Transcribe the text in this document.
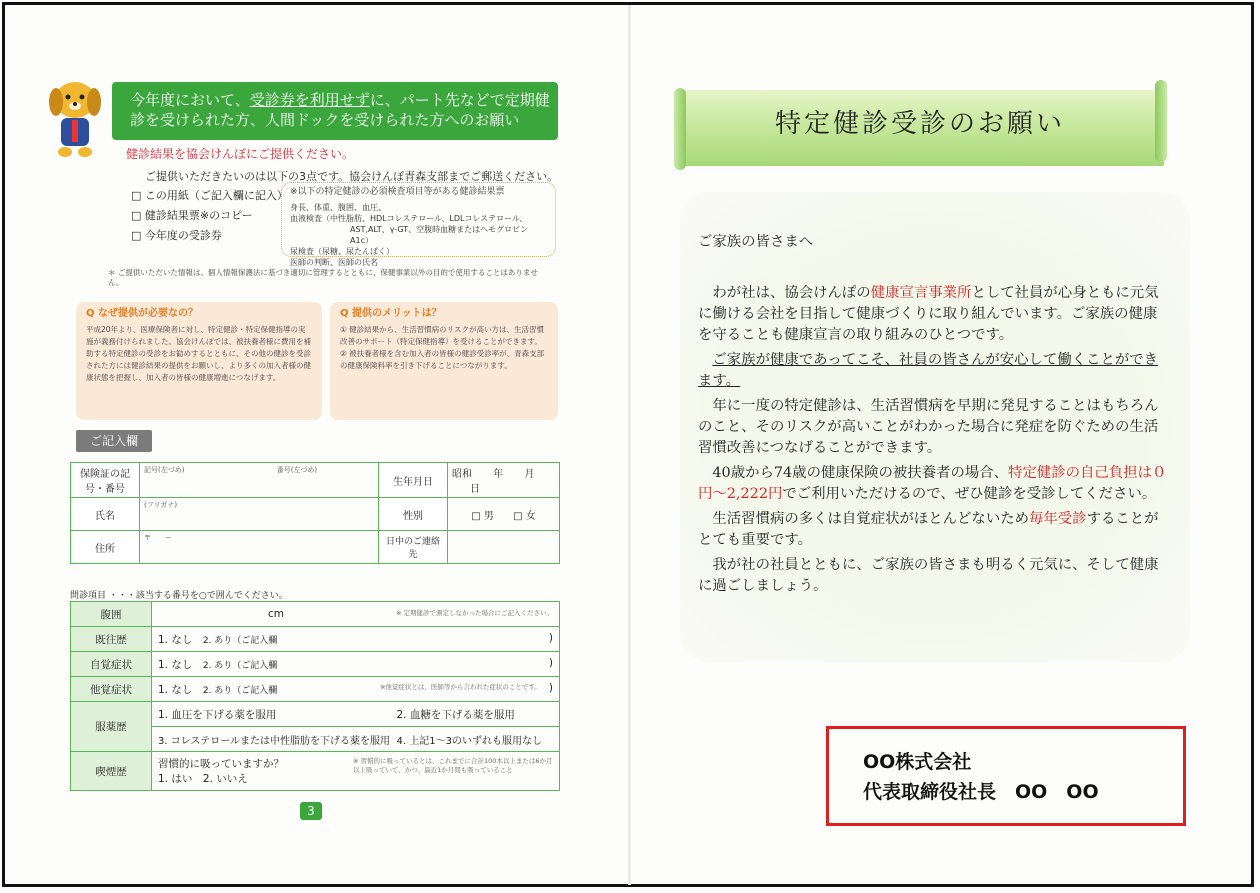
今年度において、受診券を利用せずに、パート先などで定期健
診を受けられた方、人間ドックを受けられた方へのお願い
健診結果を協会けんぽにご提供ください。
ご提供いただきたいのは以下の3点です。協会けんぽ青森支部までご郵送ください。
□ この用紙（ご記入欄に記入）
□ 健診結果票※のコピー
□ 今年度の受診券
※以下の特定健診の必須検査項目等がある健診結果票
身長、体重、腹囲、血圧、
血液検査（中性脂肪、HDLコレステロール、LDLコレステロール、
AST,ALT、γ-GT、空腹時血糖またはヘモグロビンA1c）
尿検査（尿糖、尿たんぱく）
医師の判断、医師の氏名
＊ ご提供いただいた情報は、個人情報保護法に基づき適切に管理するとともに、保健事業以外の目的で使用することはありません。
Q なぜ提供が必要なの？
平成20年より、医療保険者に対し、特定健診・特定保健指導の実施が義務付けられました。協会けんぽでは、被扶養者様に費用を補助する特定健診の受診をお勧めするとともに、その他の健診を受診された方には健診結果の提供をお願いし、より多くの加入者様の健康状態を把握し、加入者の皆様の健康増進につなげます。
Q 提供のメリットは？
① 健診結果から、生活習慣病のリスクが高い方は、生活習慣改善のサポート（特定保健指導）を受けることができます。
② 被扶養者様を含む加入者の皆様の健診受診率が、青森支部の健康保険料率を引き下げることにつながります。
ご記入欄
保険証の記号・番号	記号(左づめ) 番号(左づめ)	生年月日	昭和 年 月 日
氏名	(フリガナ)	性別	□ 男 □ 女
住所	〒　　ー	日中のご連絡先	
問診項目 ・・・該当する番号を○で囲んでください。
腹囲	cm ※ 定期健診で測定しなかった場合にご記入ください。

既往歴	1. なし　 2. あり（ご記入欄 )

自覚症状	1. なし　 2. あり（ご記入欄 )

他覚症状	1. なし　 2. あり（ご記入欄 )
※他覚症状とは、医師等から言われた症状のことです。

服薬歴	1. 血圧を下げる薬を服用 2. 血糖を下げる薬を服用

	3. コレステロールまたは中性脂肪を下げる薬を服用 4. 上記1～3のいずれも服用なし

喫煙歴	※ 習慣的に吸っているとは、これまでに合計100本以上または6か月以上吸っていて、かつ、最近1か月間も吸っていること
習慣的に吸っていますか？
1. はい　2. いいえ
3
特定健診受診のお願い

ご家族の皆さまへ

わが社は、協会けんぽの健康宣言事業所として社員が心身ともに元気に働ける会社を目指して健康づくりに取り組んでいます。ご家族の健康を守ることも健康宣言の取り組みのひとつです。

ご家族が健康であってこそ、社員の皆さんが安心して働くことができます。

年に一度の特定健診は、生活習慣病を早期に発見することはもちろんのこと、そのリスクが高いことがわかった場合に発症を防ぐための生活習慣改善につなげることができます。

40歳から74歳の健康保険の被扶養者の場合、特定健診の自己負担は０円～2,222円でご利用いただけるので、ぜひ健診を受診してください。

生活習慣病の多くは自覚症状がほとんどないため毎年受診することがとても重要です。

我が社の社員とともに、ご家族の皆さまも明るく元気に、そして健康に過ごしましょう。

OO株式会社
代表取締役社長　OO　OO
